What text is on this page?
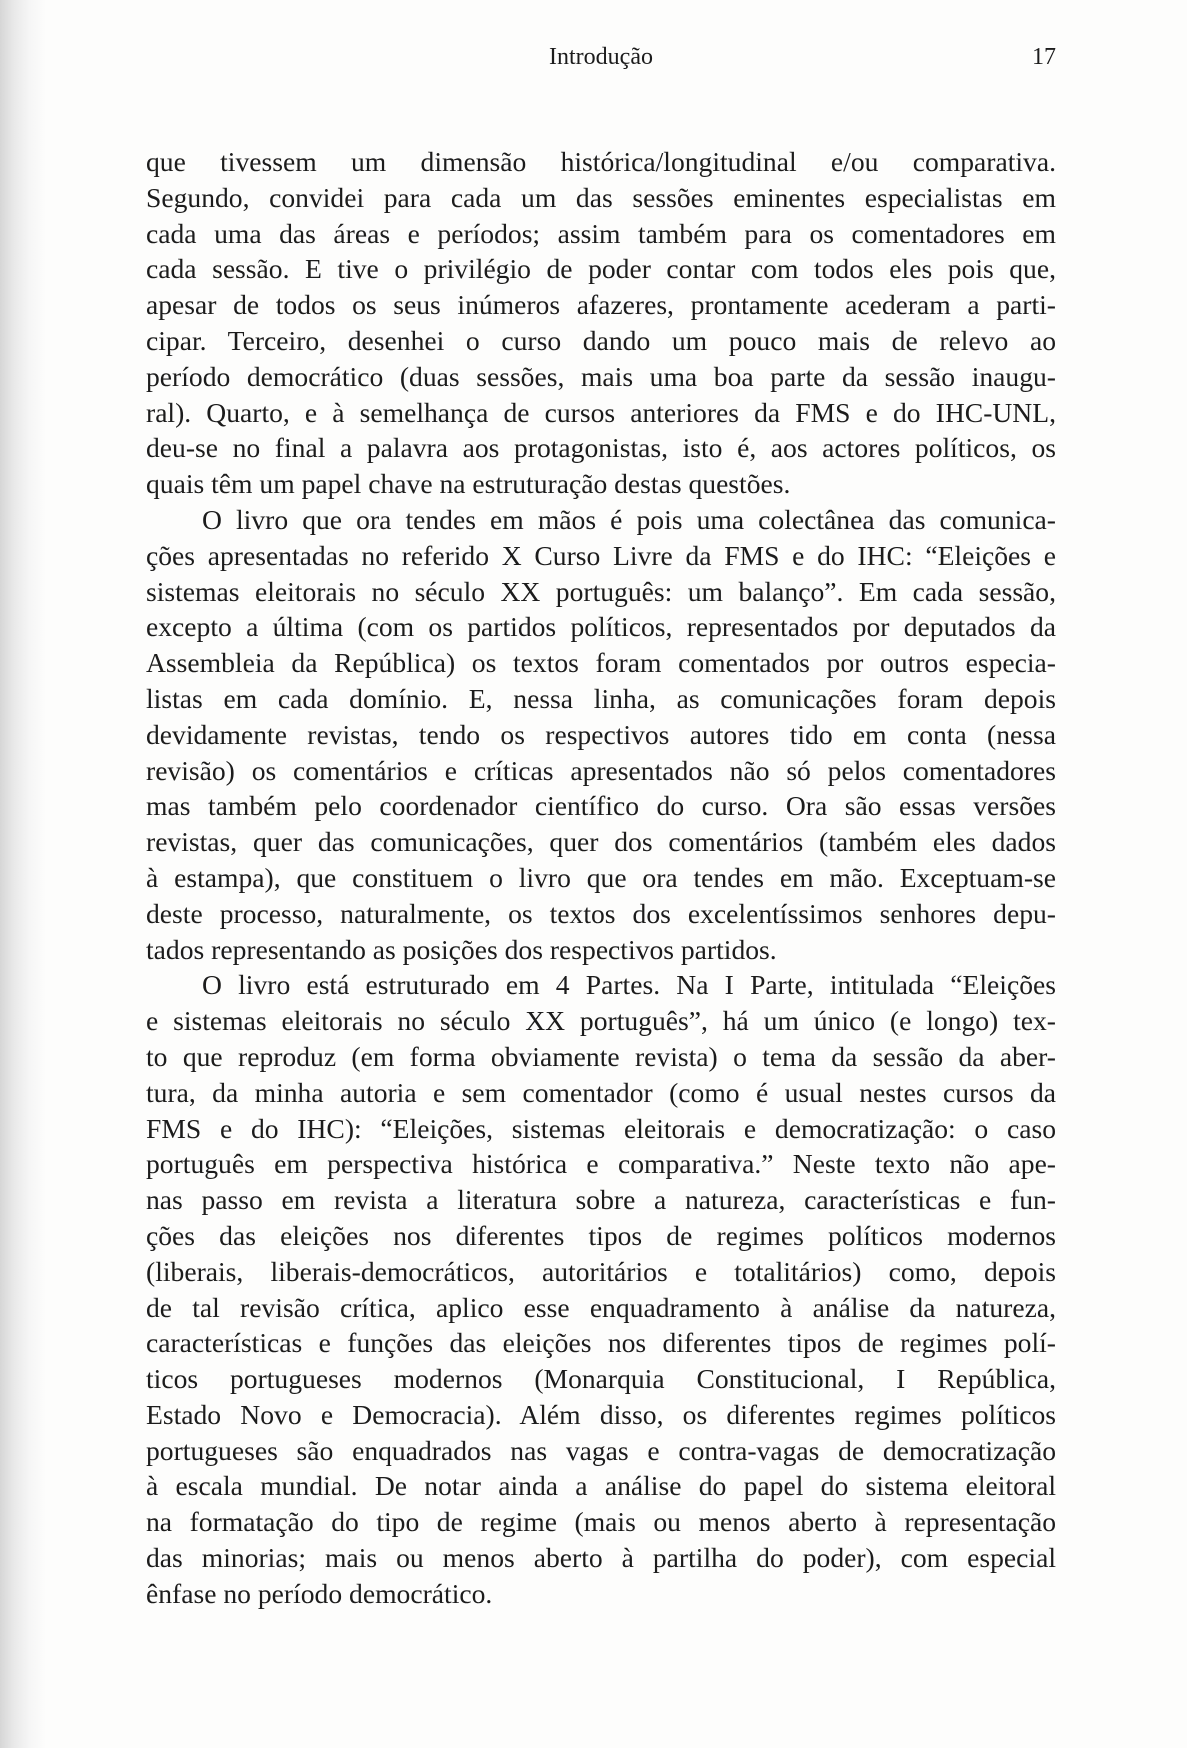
Introdução	17
que tivessem um dimensão histórica/longitudinal e/ou comparativa.
Segundo, convidei para cada um das sessões eminentes especialistas em
cada uma das áreas e períodos; assim também para os comentadores em
cada sessão. E tive o privilégio de poder contar com todos eles pois que,
apesar de todos os seus inúmeros afazeres, prontamente acederam a parti-
cipar. Terceiro, desenhei o curso dando um pouco mais de relevo ao
período democrático (duas sessões, mais uma boa parte da sessão inaugu-
ral). Quarto, e à semelhança de cursos anteriores da FMS e do IHC-UNL,
deu-se no final a palavra aos protagonistas, isto é, aos actores políticos, os
quais têm um papel chave na estruturação destas questões.
O livro que ora tendes em mãos é pois uma colectânea das comunica-
ções apresentadas no referido X Curso Livre da FMS e do IHC: “Eleições e
sistemas eleitorais no século XX português: um balanço”. Em cada sessão,
excepto a última (com os partidos políticos, representados por deputados da
Assembleia da República) os textos foram comentados por outros especia-
listas em cada domínio. E, nessa linha, as comunicações foram depois
devidamente revistas, tendo os respectivos autores tido em conta (nessa
revisão) os comentários e críticas apresentados não só pelos comentadores
mas também pelo coordenador científico do curso. Ora são essas versões
revistas, quer das comunicações, quer dos comentários (também eles dados
à estampa), que constituem o livro que ora tendes em mão. Exceptuam-se
deste processo, naturalmente, os textos dos excelentíssimos senhores depu-
tados representando as posições dos respectivos partidos.
O livro está estruturado em 4 Partes. Na I Parte, intitulada “Eleições
e sistemas eleitorais no século XX português”, há um único (e longo) tex-
to que reproduz (em forma obviamente revista) o tema da sessão da aber-
tura, da minha autoria e sem comentador (como é usual nestes cursos da
FMS e do IHC): “Eleições, sistemas eleitorais e democratização: o caso
português em perspectiva histórica e comparativa.” Neste texto não ape-
nas passo em revista a literatura sobre a natureza, características e fun-
ções das eleições nos diferentes tipos de regimes políticos modernos
(liberais, liberais-democráticos, autoritários e totalitários) como, depois
de tal revisão crítica, aplico esse enquadramento à análise da natureza,
características e funções das eleições nos diferentes tipos de regimes polí-
ticos portugueses modernos (Monarquia Constitucional, I República,
Estado Novo e Democracia). Além disso, os diferentes regimes políticos
portugueses são enquadrados nas vagas e contra-vagas de democratização
à escala mundial. De notar ainda a análise do papel do sistema eleitoral
na formatação do tipo de regime (mais ou menos aberto à representação
das minorias; mais ou menos aberto à partilha do poder), com especial
ênfase no período democrático.
